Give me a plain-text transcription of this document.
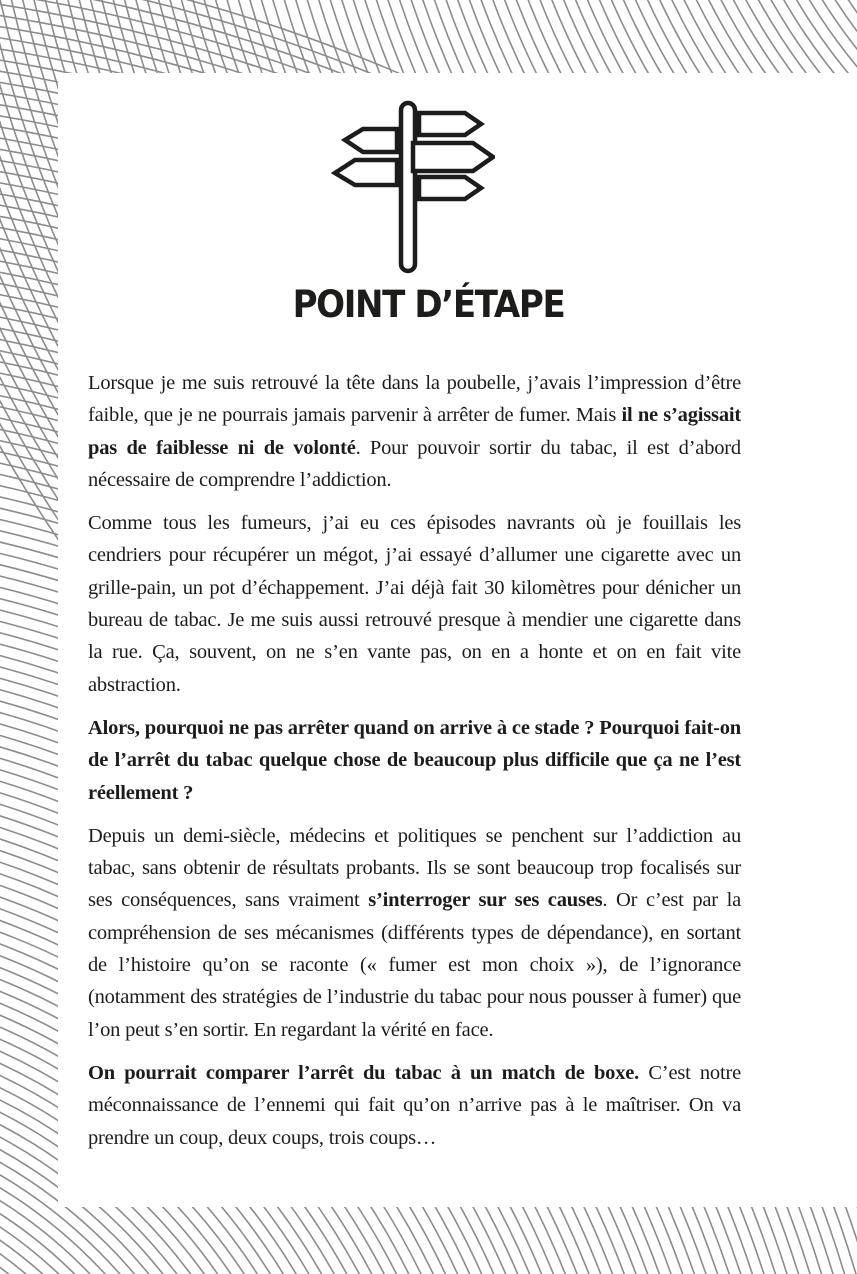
POINT D’ÉTAPE

Lorsque je me suis retrouvé la tête dans la poubelle, j’avais l’impression d’être faible, que je ne pourrais jamais parvenir à arrêter de fumer. Mais il ne s’agissait pas de faiblesse ni de volonté. Pour pouvoir sortir du tabac, il est d’abord nécessaire de comprendre l’addiction.

Comme tous les fumeurs, j’ai eu ces épisodes navrants où je fouillais les cendriers pour récupérer un mégot, j’ai essayé d’allumer une cigarette avec un grille-pain, un pot d’échappement. J’ai déjà fait 30 kilomètres pour dénicher un bureau de tabac. Je me suis aussi retrouvé presque à mendier une cigarette dans la rue. Ça, souvent, on ne s’en vante pas, on en a honte et on en fait vite abstraction.

Alors, pourquoi ne pas arrêter quand on arrive à ce stade ? Pourquoi fait-on de l’arrêt du tabac quelque chose de beaucoup plus difficile que ça ne l’est réellement ?

Depuis un demi-siècle, médecins et politiques se penchent sur l’addiction au tabac, sans obtenir de résultats probants. Ils se sont beaucoup trop focalisés sur ses conséquences, sans vraiment s’interroger sur ses causes. Or c’est par la compréhension de ses mécanismes (différents types de dépendance), en sortant de l’histoire qu’on se raconte (« fumer est mon choix »), de l’ignorance (notamment des stratégies de l’industrie du tabac pour nous pousser à fumer) que l’on peut s’en sortir. En regardant la vérité en face.

On pourrait comparer l’arrêt du tabac à un match de boxe. C’est notre méconnaissance de l’ennemi qui fait qu’on n’arrive pas à le maîtriser. On va prendre un coup, deux coups, trois coups…
